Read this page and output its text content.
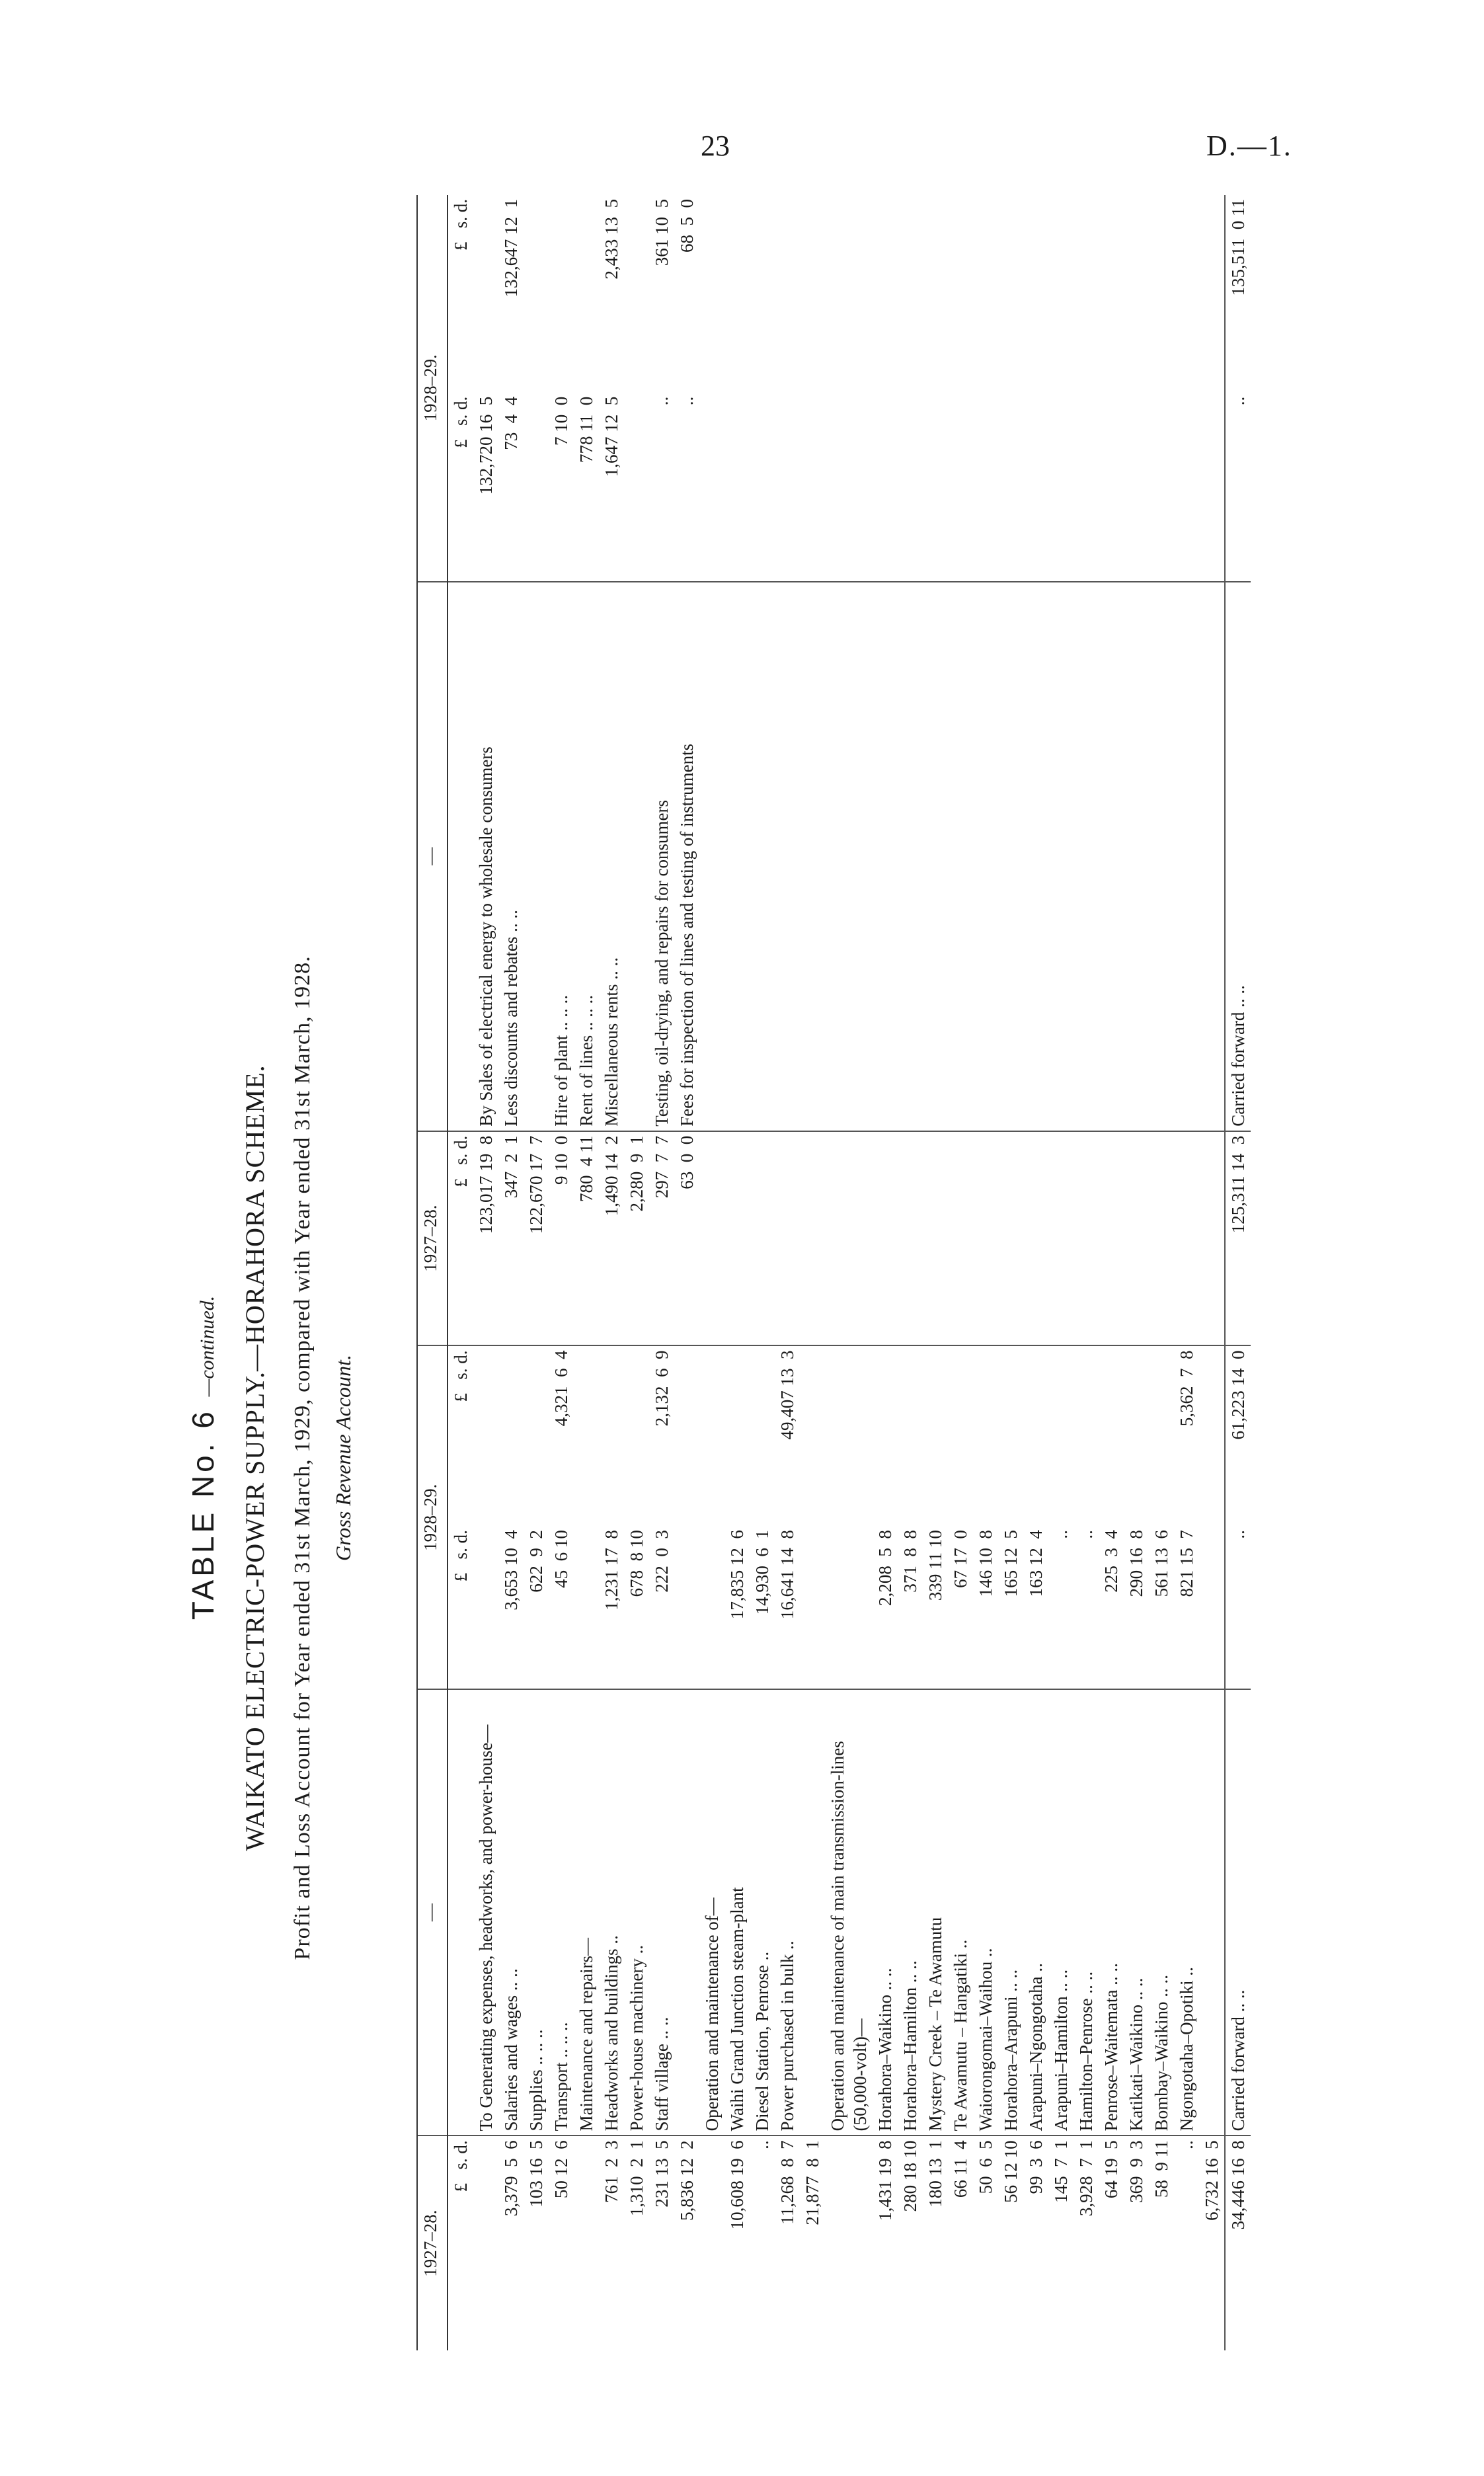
23	D.—1.
TABLE No. 6 —continued. WAIKATO ELECTRIC-POWER SUPPLY.—HORAHORA SCHEME. Profit and Loss Account for Year ended 31st March, 1929, compared with Year ended 31st March, 1928. Gross Revenue Account.
1927–28.	—	1928–29.		1927–28.	—	1928–29.	
£   s. d.		£   s. d.	£   s. d.	£   s. d.		£   s. d.	£   s. d.
	To Generating expenses, headworks, and power-house—			123,017 19  8	By Sales of electrical energy to wholesale consumers	132,720 16  5	
3,379  5  6	Salaries and wages .. ..	3,653 10  4		347  2  1	Less discounts and rebates .. ..	73  4  4	132,647 12  1
103 16  5	Supplies .. .. ..	622  9  2		122,670 17  7			
50 12  6	Transport .. .. ..	45  6 10	4,321  6  4	9 10  0	Hire of plant .. .. ..	7 10  0	
	Maintenance and repairs—			780  4 11	Rent of lines .. .. ..	778 11  0	
761  2  3	Headworks and buildings ..	1,231 17  8		1,490 14  2	Miscellaneous rents .. ..	1,647 12  5	2,433 13  5
1,310  2  1	Power-house machinery ..	678  8 10		2,280  9  1			
231 13  5	Staff village .. ..	222  0  3	2,132  6  9	297  7  7	Testing, oil-drying, and repairs for consumers	..	361 10  5
5,836 12  2				63  0  0	Fees for inspection of lines and testing of instruments	..	68  5  0
	Operation and maintenance of—						
10,608 19  6	Waihi Grand Junction steam-plant	17,835 12  6					
..	Diesel Station, Penrose ..	14,930  6  1					
11,268  8  7	Power purchased in bulk ..	16,641 14  8	49,407 13  3				
21,877  8  1							
	Operation and maintenance of main transmission-lines (50,000-volt)—						
1,431 19  8	Horahora–Waikino .. ..	2,208  5  8					
280 18 10	Horahora–Hamilton .. ..	371  8  8					
180 13  1	Mystery Creek – Te Awamutu	339 11 10					
66 11  4	Te Awamutu – Hangatiki ..	67 17  0					
50  6  5	Waiorongomai–Waihou ..	146 10  8					
56 12 10	Horahora–Arapuni .. ..	165 12  5					
99  3  6	Arapuni–Ngongotaha ..	163 12  4					
145  7  1	Arapuni–Hamilton .. ..	..					
3,928  7  1	Hamilton–Penrose .. ..	..					
64 19  5	Penrose–Waitemata .. ..	225  3  4					
369  9  3	Katikati–Waikino .. ..	290 16  8					
58  9 11	Bombay–Waikino .. ..	561 13  6					
..	Ngongotaha–Opotiki ..	821 15  7	5,362  7  8				
6,732 16  5							
34,446 16  8	Carried forward .. ..	..	61,223 14  0	125,311 14  3	Carried forward .. ..	..	135,511  0 11
